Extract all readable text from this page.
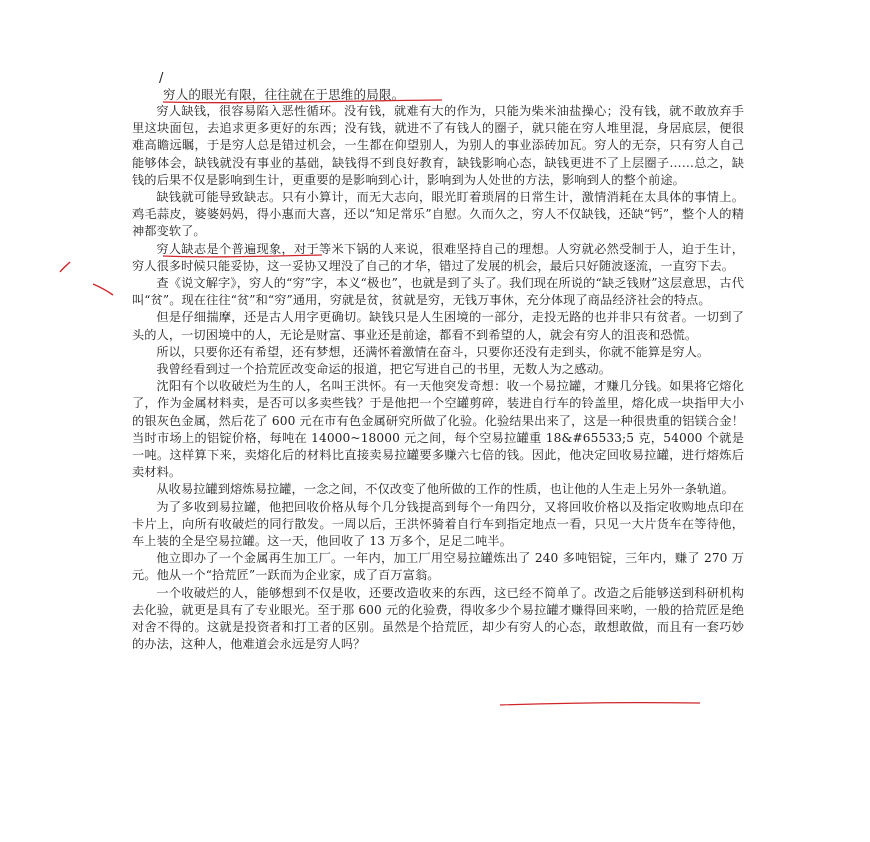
/
穷人的眼光有限，往往就在于思维的局限。

穷人缺钱，很容易陷入恶性循环。没有钱，就难有大的作为，只能为柴米油盐操心；没有钱，就不敢放弃手里这块面包，去追求更多更好的东西；没有钱，就进不了有钱人的圈子，就只能在穷人堆里混，身居底层，便很难高瞻远瞩，于是穷人总是错过机会，一生都在仰望别人，为别人的事业添砖加瓦。穷人的无奈，只有穷人自己能够体会，缺钱就没有事业的基础，缺钱得不到良好教育，缺钱影响心态，缺钱更进不了上层圈子……总之，缺钱的后果不仅是影响到生计，更重要的是影响到心计，影响到为人处世的方法，影响到人的整个前途。

缺钱就可能导致缺志。只有小算计，而无大志向，眼光盯着琐屑的日常生计，激情消耗在太具体的事情上。鸡毛蒜皮，婆婆妈妈，得小惠而大喜，还以“知足常乐”自慰。久而久之，穷人不仅缺钱，还缺“钙”，整个人的精神都变软了。

穷人缺志是个普遍现象，对于等米下锅的人来说，很难坚持自己的理想。人穷就必然受制于人，迫于生计，穷人很多时候只能妥协，这一妥协又埋没了自己的才华，错过了发展的机会，最后只好随波逐流，一直穷下去。

查《说文解字》，穷人的“穷”字，本义“极也”，也就是到了头了。我们现在所说的“缺乏钱财”这层意思，古代叫“贫”。现在往往“贫”和“穷”通用，穷就是贫，贫就是穷，无钱万事休，充分体现了商品经济社会的特点。

但是仔细揣摩，还是古人用字更确切。缺钱只是人生困境的一部分，走投无路的也并非只有贫者。一切到了头的人，一切困境中的人，无论是财富、事业还是前途，都看不到希望的人，就会有穷人的沮丧和恐慌。

所以，只要你还有希望，还有梦想，还满怀着激情在奋斗，只要你还没有走到头，你就不能算是穷人。

我曾经看到过一个拾荒匠改变命运的报道，把它写进自己的书里，无数人为之感动。

沈阳有个以收破烂为生的人，名叫王洪怀。有一天他突发奇想：收一个易拉罐，才赚几分钱。如果将它熔化了，作为金属材料卖，是否可以多卖些钱？于是他把一个空罐剪碎，装进自行车的铃盖里，熔化成一块指甲大小的银灰色金属，然后花了 600 元在市有色金属研究所做了化验。化验结果出来了，这是一种很贵重的铝镁合金！当时市场上的铝锭价格，每吨在 14000~18000 元之间，每个空易拉罐重 18&#65533;5 克，54000 个就是一吨。这样算下来，卖熔化后的材料比直接卖易拉罐要多赚六七倍的钱。因此，他决定回收易拉罐，进行熔炼后卖材料。

从收易拉罐到熔炼易拉罐，一念之间，不仅改变了他所做的工作的性质，也让他的人生走上另外一条轨道。

为了多收到易拉罐，他把回收价格从每个几分钱提高到每个一角四分，又将回收价格以及指定收购地点印在卡片上，向所有收破烂的同行散发。一周以后，王洪怀骑着自行车到指定地点一看，只见一大片货车在等待他，车上装的全是空易拉罐。这一天，他回收了 13 万多个，足足二吨半。

他立即办了一个金属再生加工厂。一年内，加工厂用空易拉罐炼出了 240 多吨铝锭，三年内，赚了 270 万元。他从一个“拾荒匠”一跃而为企业家，成了百万富翁。

一个收破烂的人，能够想到不仅是收，还要改造收来的东西，这已经不简单了。改造之后能够送到科研机构去化验，就更是具有了专业眼光。至于那 600 元的化验费，得收多少个易拉罐才赚得回来哟，一般的拾荒匠是绝对舍不得的。这就是投资者和打工者的区别。虽然是个拾荒匠，却少有穷人的心态，敢想敢做，而且有一套巧妙的办法，这种人，他难道会永远是穷人吗？
